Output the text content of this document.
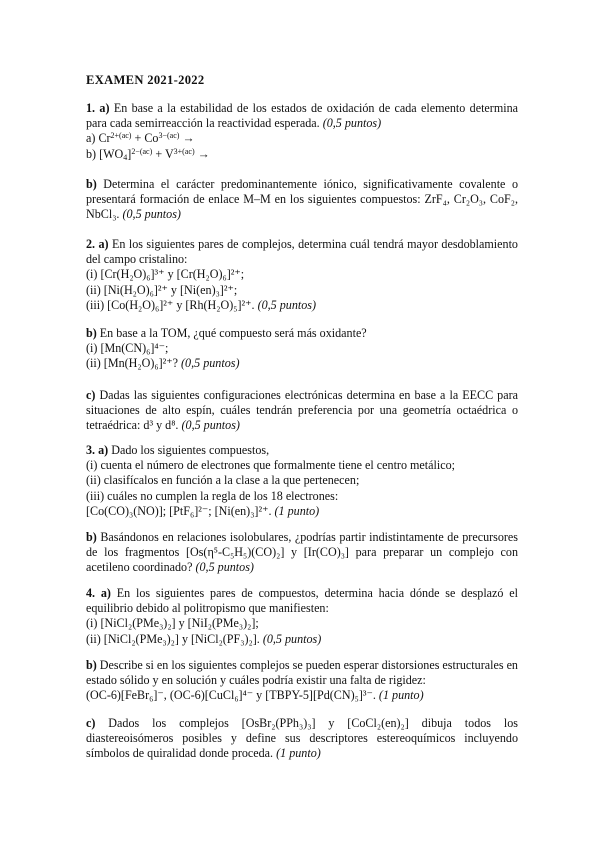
EXAMEN 2021-2022
1. a) En base a la estabilidad de los estados de oxidación de cada elemento determina para cada semirreacción la reactividad esperada. (0,5 puntos)
a) $Cr^{2+(ac)} + Co^{3-(ac)}$ →
b) $[WO_4]^{2-(ac)} + V^{3+(ac)}$ →
b) Determina el carácter predominantemente iónico, significativamente covalente o presentará formación de enlace M–M en los siguientes compuestos: ZrF₄, Cr₂O₃, CoF₂, NbCl₃. (0,5 puntos)
2. a) En los siguientes pares de complejos, determina cuál tendrá mayor desdoblamiento del campo cristalino:
(i) [Cr(H₂O)₆]³⁺ y [Cr(H₂O)₆]²⁺;
(ii) [Ni(H₂O)₆]²⁺ y [Ni(en)₃]²⁺;
(iii) [Co(H₂O)₆]²⁺ y [Rh(H₂O)₅]²⁺. (0,5 puntos)
b) En base a la TOM, ¿qué compuesto será más oxidante?
(i) [Mn(CN)₆]⁴⁻;
(ii) [Mn(H₂O)₆]²⁺? (0,5 puntos)
c) Dadas las siguientes configuraciones electrónicas determina en base a la EECC para situaciones de alto espín, cuáles tendrán preferencia por una geometría octaédrica o tetraédrica: d³ y d⁸. (0,5 puntos)
3. a) Dado los siguientes compuestos,
(i) cuenta el número de electrones que formalmente tiene el centro metálico;
(ii) clasifícalos en función a la clase a la que pertenecen;
(iii) cuáles no cumplen la regla de los 18 electrones:
[Co(CO)₃(NO)]; [PtF₆]²⁻; [Ni(en)₃]²⁺. (1 punto)
b) Basándonos en relaciones isolobulares, ¿podrías partir indistintamente de precursores de los fragmentos [Os(η⁵-C₅H₅)(CO)₂] y [Ir(CO)₃] para preparar un complejo con acetileno coordinado? (0,5 puntos)
4. a) En los siguientes pares de compuestos, determina hacia dónde se desplazó el equilibrio debido al politropismo que manifiesten:
(i) [NiCl₂(PMe₃)₂] y [NiI₂(PMe₃)₂];
(ii) [NiCl₂(PMe₃)₂] y [NiCl₂(PF₃)₂]. (0,5 puntos)
b) Describe si en los siguientes complejos se pueden esperar distorsiones estructurales en estado sólido y en solución y cuáles podría existir una falta de rigidez:
(OC-6)[FeBr₆]⁻, (OC-6)[CuCl₆]⁴⁻ y [TBPY-5][Pd(CN)₅]³⁻. (1 punto)
c) Dados los complejos [OsBr₂(PPh₃)₃] y [CoCl₂(en)₂] dibuja todos los diastereoisómeros posibles y define sus descriptores estereoquímicos incluyendo símbolos de quiralidad donde proceda. (1 punto)
